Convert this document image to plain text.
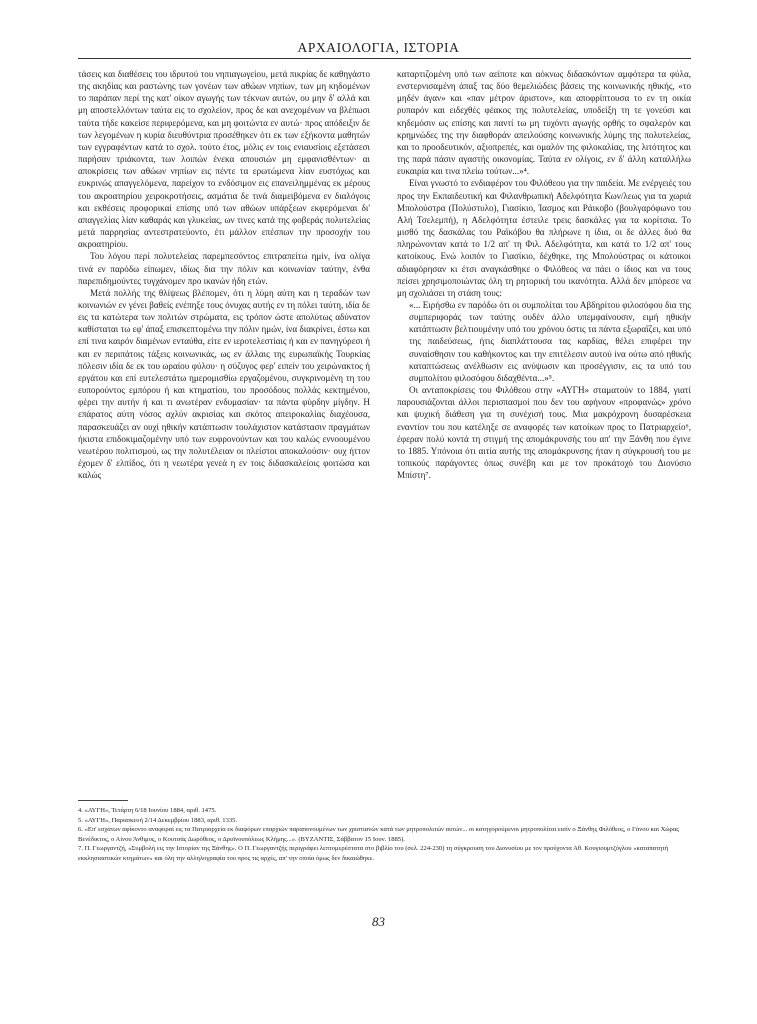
ΑΡΧΑΙΟΛΟΓΙΑ, ΙΣΤΟΡΙΑ

τάσεις και διαθέσεις του ιδρυτού του νηπιαγωγείου, μετά πικρίας δε καθηγάστο της ακηδίας και ραστώνης των γονέων των αθώων νηπίων, των μη κηδομένων το παράπαν περί της κατ' οίκον αγωγής των τέκνων αυτών, ου μην δ' αλλά και μη αποστελλόντων ταύτα εις το σχολείον, προς δε και ανεχομένων να βλέπωσι ταύτα τήδε κακείσε περιφερόμενα, και μη φοιτώντα εν αυτώ· προς απόδειξιν δε των λεγομένων η κυρία διευθύντρια προσέθηκεν ότι εκ των εξήκοντα μαθητών των εγγραφέντων κατά το σχολ. τούτο έτος, μόλις εν τοις ενιαυσίοις εξετάσεσι παρήσαν τριάκοντα, των λοιπών ένεκα απουσιών μη εμφανισθέντων· αι αποκρίσεις των αθώων νηπίων εις πέντε τα ερωτώμενα λίαν ευστόχως και ευκρινώς απαγγελόμενα, παρείχον το ενδόσιμον εις επανειλημμένας εκ μέρους του ακροατηρίου χειροκροτήσεις, ασμάτια δε τινά διαμειβόμενα εν διαλόγοις και εκθέσεις προφορικαί επίσης υπό των αθώων υπάρξεων εκφερόμεναι δι' απαγγελίας λίαν καθαράς και γλυκείας, ων τινες κατά της φοβεράς πολυτελείας μετά παρρησίας αντεστρατεύοντο, έτι μάλλον επέσπων την προσοχήν του ακροατηρίου.

Του λόγου περί πολυτελείας παρεμπεσόντος επιτραπείτω ημίν, ίνα ολίγα τινά εν παρόδω είπωμεν, ιδίως δια την πόλιν και κοινωνίαν ταύτην, ένθα παρεπιδημούντες τυγχάνομεν προ ικανών ήδη ετών.

Μετά πολλής της θλίψεως βλέπομεν, ότι η λύμη αύτη και η τεραδών των κοινωνιών εν γένει βαθείς ενέπηξε τους όνυχας αυτής εν τη πόλει ταύτη, ιδία δε εις τα κατώτερα των πολιτών στρώματα, εις τρόπον ώστε απολύτως αδύνατον καθίσταται τω εφ' άπαξ επισκεπτομένω την πόλιν ημών, ίνα διακρίνει, έστω και επί τινα καιρόν διαμένων ενταύθα, είτε εν ιεροτελεστίαις ή και εν πανηγύρεσι ή και εν περιπάτοις τάξεις κοινωνικάς, ως εν άλλαις της ευρωπαϊκής Τουρκίας πόλεσιν ιδία δε εκ του ωραίου φύλου· η σύζυγος φερ' ειπείν του χειρώνακτος ή εργάτου και επί ευτελεστάτω ημερομισθίω εργαζομένου, συγκρινομένη τη του ευπορούντος εμπόρου ή και κτηματίου, του προσόδους πολλάς κεκτημένου, φέρει την αυτήν ή και τι ανωτέραν ενδυμασίαν· τα πάντα φύρδην μίγδην. Η επάρατος αύτη νόσος αχλύν ακρισίας και σκότος απειροκαλίας διαχέουσα, παρασκευάζει αν ουχί ηθικήν κατάπτωσιν τουλάχιστον κατάστασιν πραγμάτων ήκιστα επιδοκιμαζομένην υπό των ευφρονούντων και του καλώς εννοουμένου νεωτέρου πολιτισμού, ως την πολυτέλειαν οι πλείστοι αποκαλούσιν· ουχ ήττον έχομεν δ' ελπίδος, ότι η νεωτέρα γενεά η εν τοις διδασκαλείοις φοιτώσα και καλώς

καταρτιζομένη υπό των αείποτε και αόκνως διδασκόντων αμφότερα τα φύλα, ενστερνισαμένη άπαξ τας δύο θεμελιώδεις βάσεις της κοινωνικής ηθικής, «το μηδέν άγαν» και «παν μέτρον άριστον», και αποφρίπτουσα το εν τη οικία ρυπαρόν και ειδεχθές φέακος της πολυτελείας, υποδείξη τη τε γονεύσι και κηδεμόσιν ως επίσης και παντί τω μη τυχόντι αγωγής ορθής το σφαλερόν και κρημνώδες της την διαφθοράν απειλούσης κοινωνικής λύμης της πολυτελείας, και το προοδευτικόν, αξιοπρεπές, και ομαλόν της φιλοκαλίας, της λιτότητος και της παρά πάσιν αγαστής οικονομίας. Ταύτα εν ολίγοις, εν δ' άλλη καταλλήλω ευκαιρία και τινα πλείω τούτων...»⁴.

Είναι γνωστό το ενδιαφέρον του Φιλόθεου για την παιδεία. Με ενέργειές του προς την Εκπαιδευτική και Φιλανθρωπική Αδελφότητα Κων/λεως για τα χωριά Μπολούστρα (Πολύστυλο), Γιασίκιο, Ίασμος και Ράικοβο (βουλγαρόφωνο του Αλή Τσελεμπή), η Αδελφότητα έστειλε τρεις δασκάλες για τα κορίτσια. Το μισθό της δασκάλας του Ραϊκόβου θα πλήρωνε η ίδια, οι δε άλλες δυό θα πληρώνονταν κατά το 1/2 απ' τη Φιλ. Αδελφότητα, και κατά το 1/2 απ' τους κατοίκους. Ενώ λοιπόν το Γιασίκιο, δέχθηκε, της Μπολούστρας οι κάτοικοι αδιαφόρησαν κι έτσι αναγκάσθηκε ο Φιλόθεος να πάει ο ίδιος και να τους πείσει χρησιμοποιώντας όλη τη ρητορική του ικανότητα. Αλλά δεν μπόρεσε να μη σχολιάσει τη στάση τους:

«... Ειρήσθω εν παρόδω ότι οι συμπολίται του Αβδηρίτου φιλοσόφου δια της συμπεριφοράς των ταύτης ουδέν άλλο υπεμφαίνουσιν, ειμή ηθικήν κατάπτωσιν βελτιουμένην υπό του χρόνου όστις τα πάντα εξωραΐζει, και υπό της παιδεύσεως, ήτις διαπλάττουσα τας καρδίας, θέλει επιφέρει την συναίσθησιν του καθήκοντος και την επιτέλεσιν αυτού ίνα ούτω από ηθικής καταπτώσεως ανέλθωσιν εις ανύψωσιν και προσέγγισιν, εις τα υπό του συμπολίτου φιλοσόφου διδαχθέντα...»⁵.

Οι ανταποκρίσεις του Φιλόθεου στην «ΑΥΓΗ» σταματούν το 1884, γιατί παρουσιάζονται άλλοι περισπασμοί που δεν του αφήνουν «προφανώς» χρόνο και ψυχική διάθεση για τη συνέχισή τους. Μια μακρόχρονη δυσαρέσκεια εναντίον του που κατέληξε σε αναφορές των κατοίκων προς το Πατριαρχείο⁶, έφεραν πολύ κοντά τη στιγμή της απομάκρυνσής του απ' την Ξάνθη που έγινε το 1885. Υπόνοια ότι αιτία αυτής της απομάκρυνσης ήταν η σύγκρουσή του με τοπικούς παράγοντες όπως συνέβη και με τον προκάτοχό του Διονύσιο Μπίστη⁷.

4. «ΑΥΓΗ», Τετάρτη 6/18 Ιουνίου 1884, αριθ. 1475.

5. «ΑΥΓΗ», Παρασκευή 2/14 Δεκεμβρίου 1883, αριθ. 1335.

6. «Επ' εσχάτων αφίκοντο αναφοραί εις τα Πατριαρχεία εκ διαφόρων επαρχιών παραπονουμένων των χριστιανών κατά των μητροπολιτών αυτών... οι κατηγορούμενοι μητροπολίται εισίν ο Ξάνθης Φιλόθεος, ο Γάνου και Χώρας Βενέδικτος, ο Αίνου Άνθιμος, ο Κουτσάς Δωρόθεος, ο Δρυϊνουπόλεως Κλήμης...». (ΒΥΖΑΝΤΙΣ, Σάββατον 15 Ιουν. 1885).

7. Π. Γεωργαντζή, «Συμβολή εις την Ιστορίαν της Ξάνθης». Ο Π. Γεωργαντζής περιγράφει λεπτομερέστατα στο βιβλίο του (σελ. 224-230) τη σύγκρουση του Διονυσίου με τον προύχοντα Αθ. Κουγιουμτζόγλου «καταπατητή εκκλησιαστικών κτημάτων» και όλη την αλληλογραφία του προς τις αρχές, απ' την οποία όμως δεν δικαιώθηκε.

83
